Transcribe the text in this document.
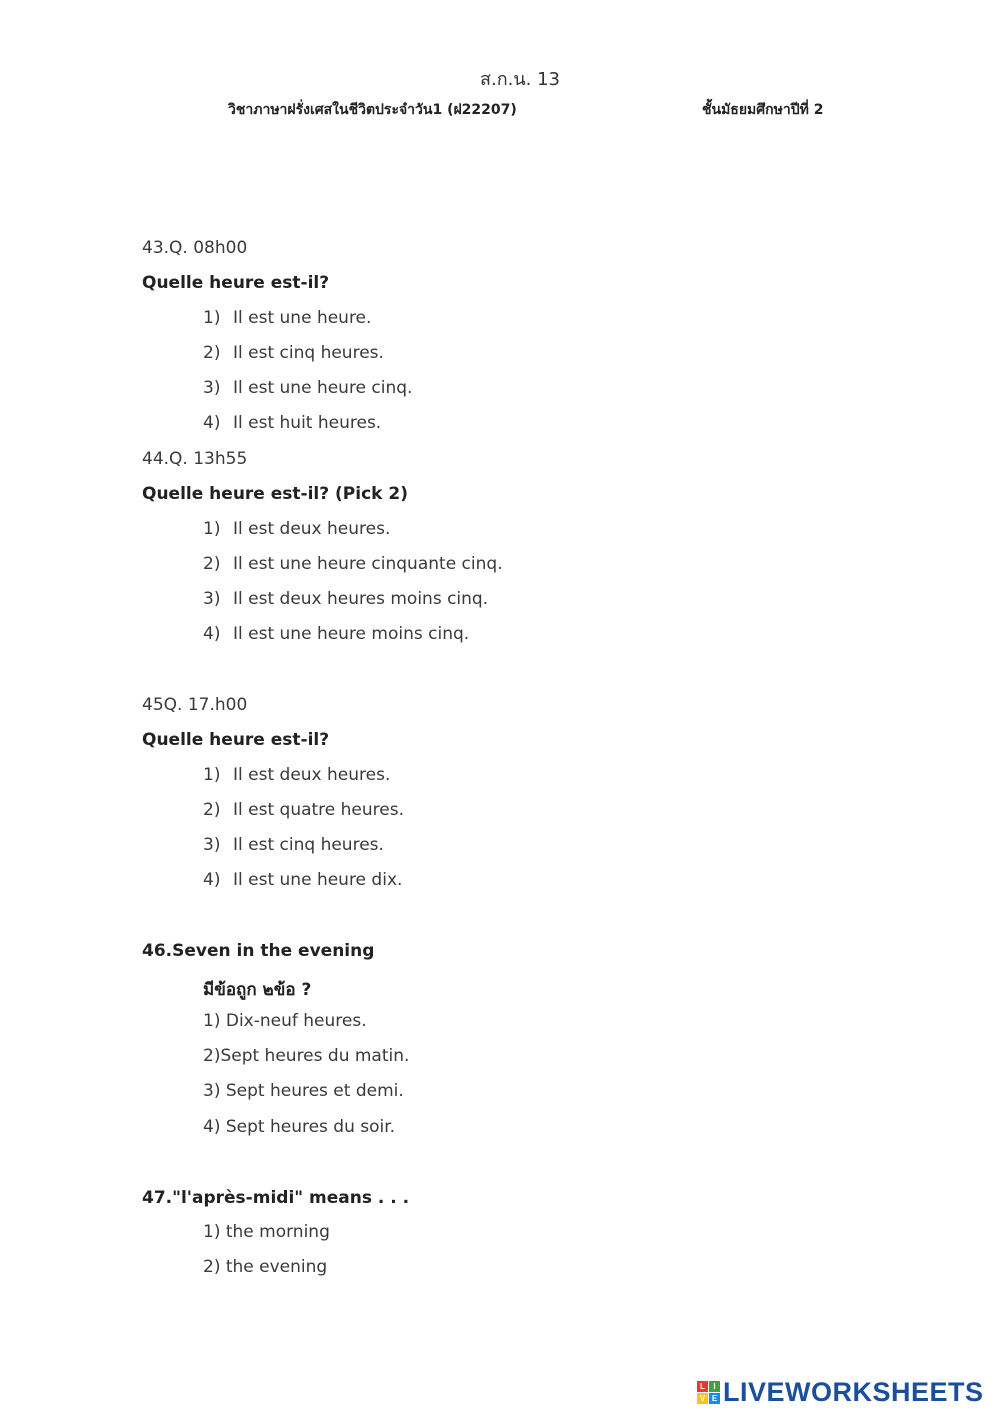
ส.ก.น. 13
วิชาภาษาฝรั่งเศสในชีวิตประจำวัน1 (ฝ22207)	ชั้นมัธยมศึกษาปีที่ 2
43.Q. 08h00
Quelle heure est-il?
1) Il est une heure.
2) Il est cinq heures.
3) Il est une heure cinq.
4) Il est huit heures.
44.Q. 13h55
Quelle heure est-il? (Pick 2)
1) Il est deux heures.
2) Il est une heure cinquante cinq.
3) Il est deux heures moins cinq.
4) Il est une heure moins cinq.
45Q. 17.h00
Quelle heure est-il?
1) Il est deux heures.
2) Il est quatre heures.
3) Il est cinq heures.
4) Il est une heure dix.
46.Seven in the evening
มีข้อถูก ๒ข้อ ?
1) Dix-neuf heures.
2)Sept heures du matin.
3) Sept heures et demi.
4) Sept heures du soir.
47."l'après-midi" means . . .
1) the morning
2) the evening
L	I
V E LIVEWORKSHEETS
